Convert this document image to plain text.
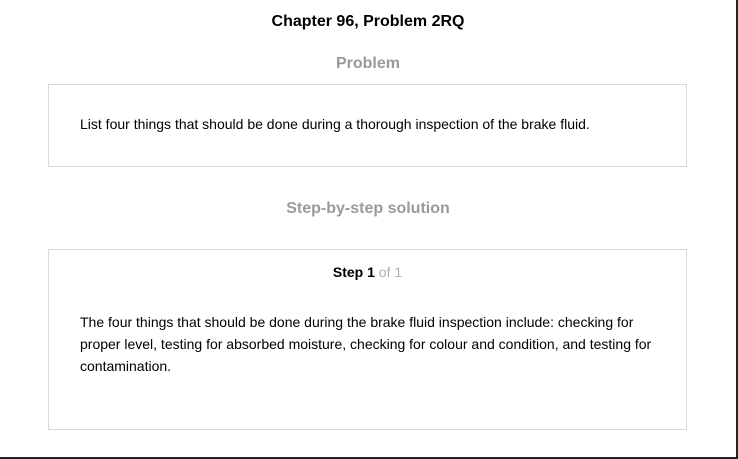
Chapter 96, Problem 2RQ
Problem
List four things that should be done during a thorough inspection of the brake fluid.
Step-by-step solution
Step 1 of 1
The four things that should be done during the brake fluid inspection include: checking for proper level, testing for absorbed moisture, checking for colour and condition, and testing for contamination.
